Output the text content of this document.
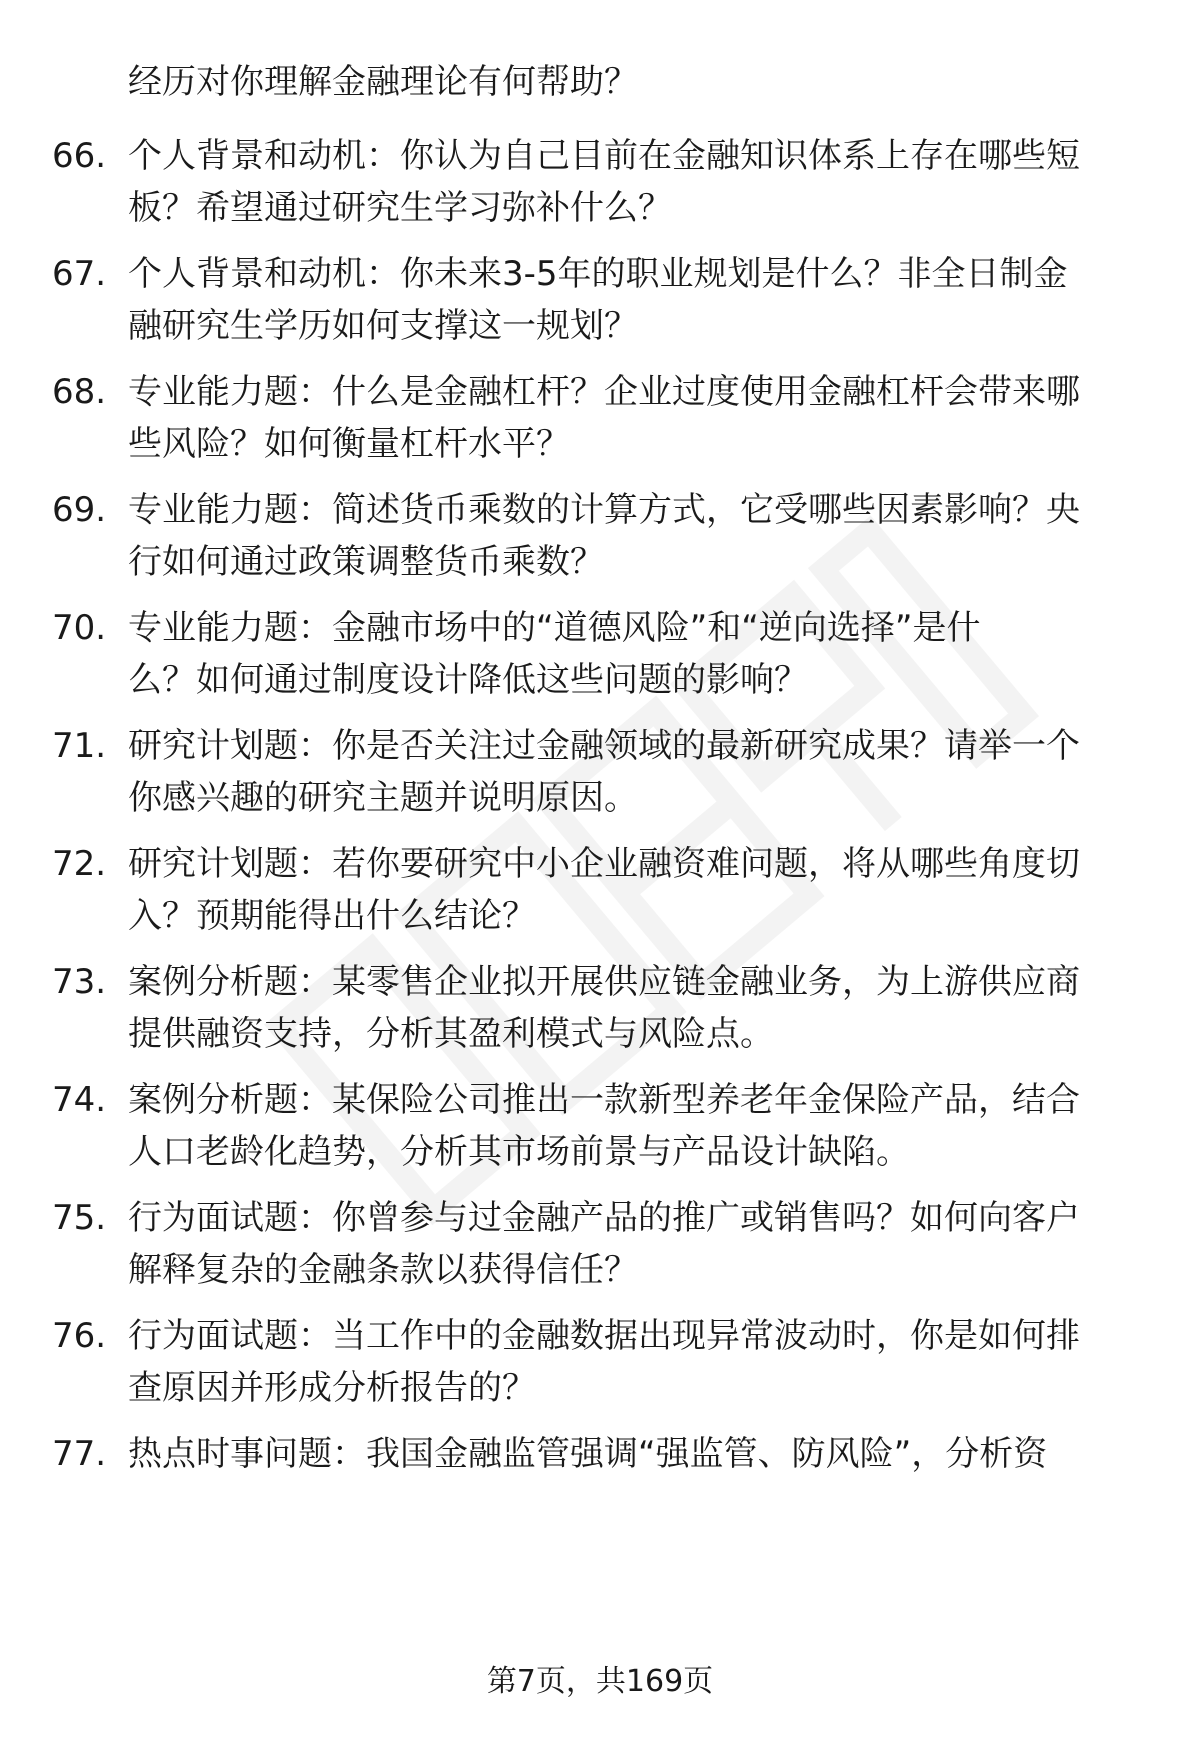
经历对你理解金融理论有何帮助？
66. 个人背景和动机：你认为自己目前在金融知识体系上存在哪些短
板？希望通过研究生学习弥补什么？
67. 个人背景和动机：你未来3-5年的职业规划是什么？非全日制金
融研究生学历如何支撑这一规划？
68. 专业能力题：什么是金融杠杆？企业过度使用金融杠杆会带来哪
些风险？如何衡量杠杆水平？
69. 专业能力题：简述货币乘数的计算方式，它受哪些因素影响？央
行如何通过政策调整货币乘数？
70. 专业能力题：金融市场中的“道德风险”和“逆向选择”是什
么？如何通过制度设计降低这些问题的影响？
71. 研究计划题：你是否关注过金融领域的最新研究成果？请举一个
你感兴趣的研究主题并说明原因。
72. 研究计划题：若你要研究中小企业融资难问题，将从哪些角度切
入？预期能得出什么结论？
73. 案例分析题：某零售企业拟开展供应链金融业务，为上游供应商
提供融资支持，分析其盈利模式与风险点。
74. 案例分析题：某保险公司推出一款新型养老年金保险产品，结合
人口老龄化趋势，分析其市场前景与产品设计缺陷。
75. 行为面试题：你曾参与过金融产品的推广或销售吗？如何向客户
解释复杂的金融条款以获得信任？
76. 行为面试题：当工作中的金融数据出现异常波动时，你是如何排
查原因并形成分析报告的？
77. 热点时事问题：我国金融监管强调“强监管、防风险”，分析资
第7页，共169页
